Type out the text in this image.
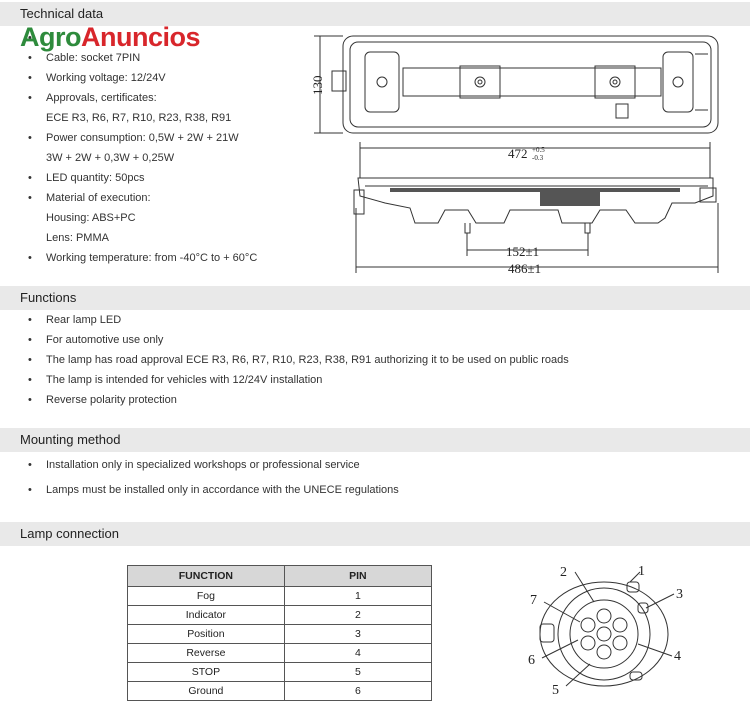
Technical data
•
• Cable: socket 7PIN
• Working voltage: 12/24V
• Approvals, certificates:
ECE R3, R6, R7, R10, R23, R38, R91
• Power consumption: 0,5W + 2W + 21W
3W + 2W + 0,3W + 0,25W
• LED quantity: 50pcs
• Material of execution:
Housing: ABS+PC
Lens: PMMA
• Working temperature: from -40°C to + 60°C
AgroAnuncios
130
472 +0.5
-0.3
152±1
486±1
Functions
• Rear lamp LED
• For automotive use only
• The lamp has road approval ECE R3, R6, R7, R10, R23, R38, R91 authorizing it to be used on public roads
• The lamp is intended for vehicles with 12/24V installation
• Reverse polarity protection
Mounting method
• Installation only in specialized workshops or professional service
• Lamps must be installed only in accordance with the UNECE regulations
Lamp connection
FUNCTION	PIN
Fog	1
Indicator	2
Position	3
Reverse	4
STOP	5
Ground	6
1
2
3
4
5
6
7
